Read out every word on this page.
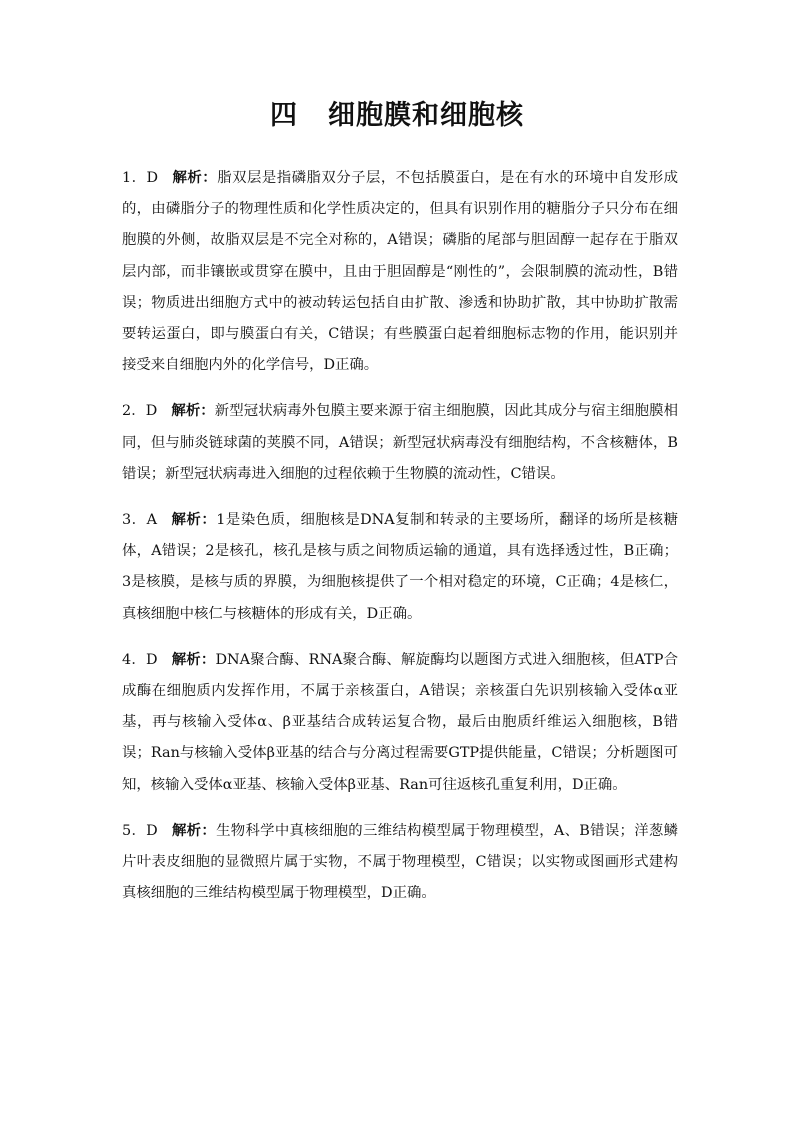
四 细胞膜和细胞核
1．D 解析：脂双层是指磷脂双分子层，不包括膜蛋白，是在有水的环境中自发形成的，由磷脂分子的物理性质和化学性质决定的，但具有识别作用的糖脂分子只分布在细胞膜的外侧，故脂双层是不完全对称的，A错误；磷脂的尾部与胆固醇一起存在于脂双层内部，而非镶嵌或贯穿在膜中，且由于胆固醇是“刚性的”，会限制膜的流动性，B错误；物质进出细胞方式中的被动转运包括自由扩散、渗透和协助扩散，其中协助扩散需要转运蛋白，即与膜蛋白有关，C错误；有些膜蛋白起着细胞标志物的作用，能识别并接受来自细胞内外的化学信号，D正确。
2．D 解析：新型冠状病毒外包膜主要来源于宿主细胞膜，因此其成分与宿主细胞膜相同，但与肺炎链球菌的荚膜不同，A错误；新型冠状病毒没有细胞结构，不含核糖体，B错误；新型冠状病毒进入细胞的过程依赖于生物膜的流动性，C错误。
3．A 解析：1是染色质，细胞核是DNA复制和转录的主要场所，翻译的场所是核糖体，A错误；2是核孔，核孔是核与质之间物质运输的通道，具有选择透过性，B正确；3是核膜，是核与质的界膜，为细胞核提供了一个相对稳定的环境，C正确；4是核仁，真核细胞中核仁与核糖体的形成有关，D正确。
4．D 解析：DNA聚合酶、RNA聚合酶、解旋酶均以题图方式进入细胞核，但ATP合成酶在细胞质内发挥作用，不属于亲核蛋白，A错误；亲核蛋白先识别核输入受体α亚基，再与核输入受体α、β亚基结合成转运复合物，最后由胞质纤维运入细胞核，B错误；Ran与核输入受体β亚基的结合与分离过程需要GTP提供能量，C错误；分析题图可知，核输入受体α亚基、核输入受体β亚基、Ran可往返核孔重复利用，D正确。
5．D 解析：生物科学中真核细胞的三维结构模型属于物理模型，A、B错误；洋葱鳞片叶表皮细胞的显微照片属于实物，不属于物理模型，C错误；以实物或图画形式建构真核细胞的三维结构模型属于物理模型，D正确。
